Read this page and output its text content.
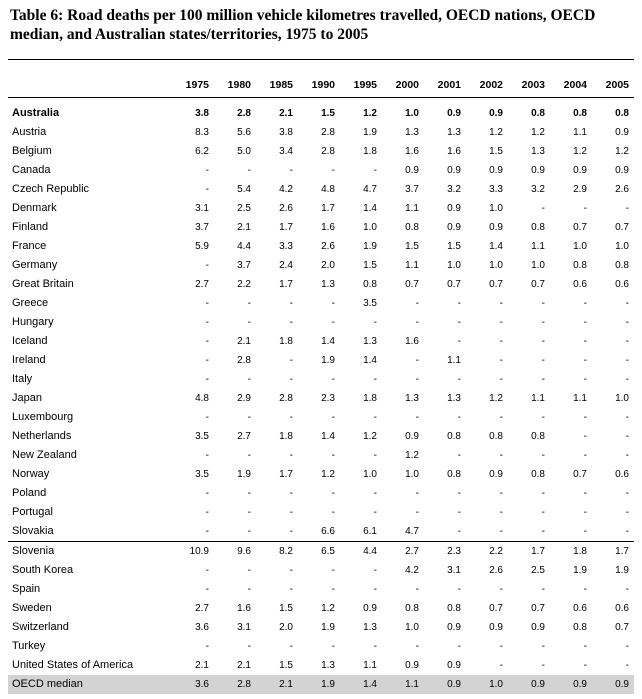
Table 6: Road deaths per 100 million vehicle kilometres travelled, OECD nations, OECD median, and Australian states/territories, 1975 to 2005
	1975	1980	1985	1990	1995	2000	2001	2002	2003	2004	2005

Australia	3.8	2.8	2.1	1.5	1.2	1.0	0.9	0.9	0.8	0.8	0.8
Austria	8.3	5.6	3.8	2.8	1.9	1.3	1.3	1.2	1.2	1.1	0.9
Belgium	6.2	5.0	3.4	2.8	1.8	1.6	1.6	1.5	1.3	1.2	1.2
Canada	-	-	-	-	-	0.9	0.9	0.9	0.9	0.9	0.9
Czech Republic	-	5.4	4.2	4.8	4.7	3.7	3.2	3.3	3.2	2.9	2.6
Denmark	3.1	2.5	2.6	1.7	1.4	1.1	0.9	1.0	-	-	-
Finland	3.7	2.1	1.7	1.6	1.0	0.8	0.9	0.9	0.8	0.7	0.7
France	5.9	4.4	3.3	2.6	1.9	1.5	1.5	1.4	1.1	1.0	1.0
Germany	-	3.7	2.4	2.0	1.5	1.1	1.0	1.0	1.0	0.8	0.8
Great Britain	2.7	2.2	1.7	1.3	0.8	0.7	0.7	0.7	0.7	0.6	0.6
Greece	-	-	-	-	3.5	-	-	-	-	-	-
Hungary	-	-	-	-	-	-	-	-	-	-	-
Iceland	-	2.1	1.8	1.4	1.3	1.6	-	-	-	-	-
Ireland	-	2.8	-	1.9	1.4	-	1.1	-	-	-	-
Italy	-	-	-	-	-	-	-	-	-	-	-
Japan	4.8	2.9	2.8	2.3	1.8	1.3	1.3	1.2	1.1	1.1	1.0
Luxembourg	-	-	-	-	-	-	-	-	-	-	-
Netherlands	3.5	2.7	1.8	1.4	1.2	0.9	0.8	0.8	0.8	-	-
New Zealand	-	-	-	-	-	1.2	-	-	-	-	-
Norway	3.5	1.9	1.7	1.2	1.0	1.0	0.8	0.9	0.8	0.7	0.6
Poland	-	-	-	-	-	-	-	-	-	-	-
Portugal	-	-	-	-	-	-	-	-	-	-	-
Slovakia	-	-	-	6.6	6.1	4.7	-	-	-	-	-
Slovenia	10.9	9.6	8.2	6.5	4.4	2.7	2.3	2.2	1.7	1.8	1.7
South Korea	-	-	-	-	-	4.2	3.1	2.6	2.5	1.9	1.9
Spain	-	-	-	-	-	-	-	-	-	-	-
Sweden	2.7	1.6	1.5	1.2	0.9	0.8	0.8	0.7	0.7	0.6	0.6
Switzerland	3.6	3.1	2.0	1.9	1.3	1.0	0.9	0.9	0.9	0.8	0.7
Turkey	-	-	-	-	-	-	-	-	-	-	-
United States of America	2.1	2.1	1.5	1.3	1.1	0.9	0.9	-	-	-	-
OECD median	3.6	2.8	2.1	1.9	1.4	1.1	0.9	1.0	0.9	0.9	0.9
